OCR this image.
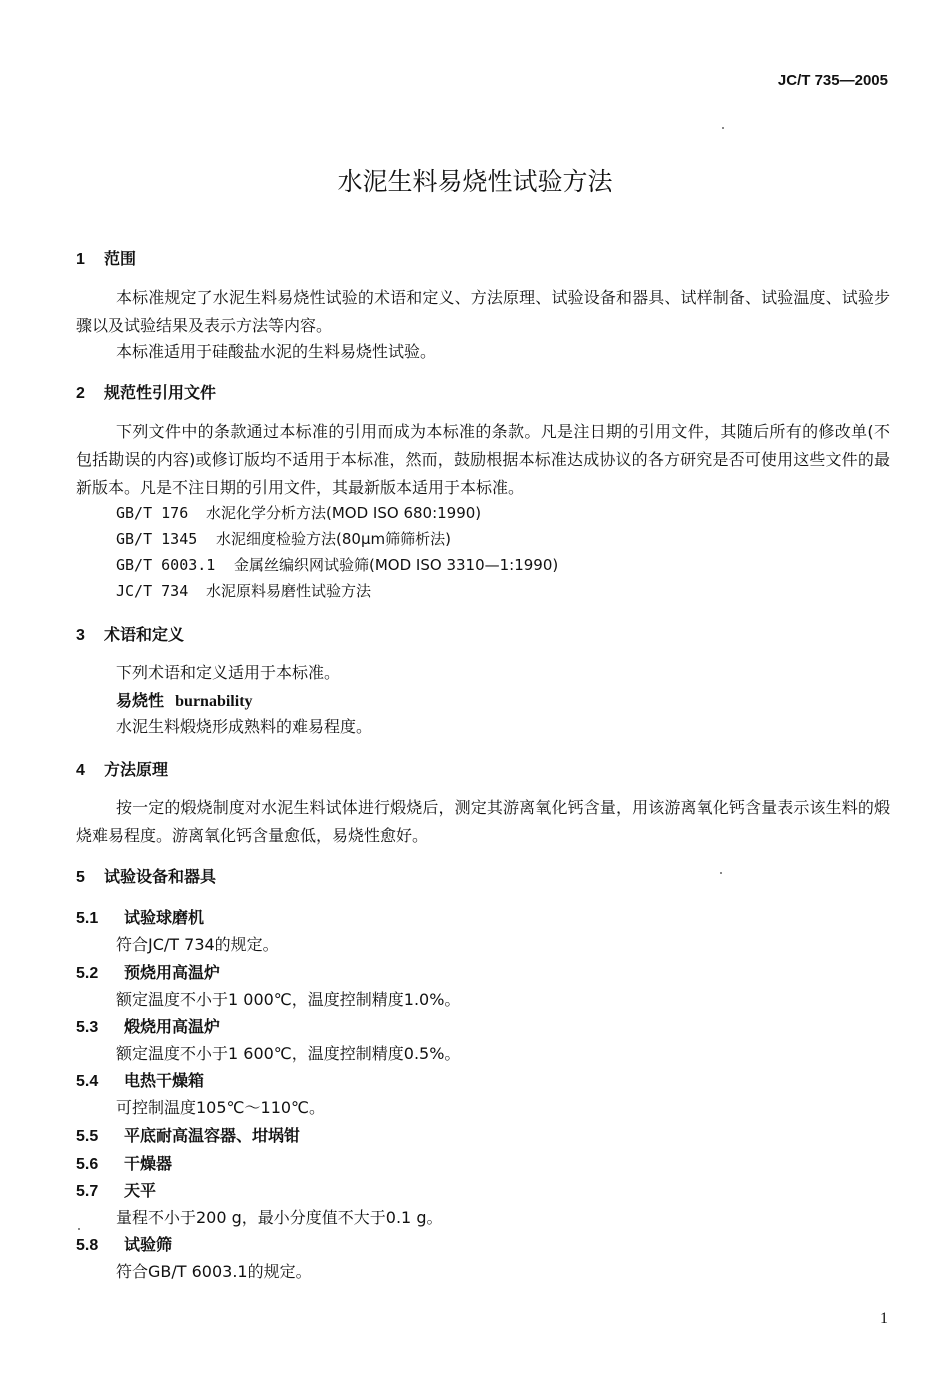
JC/T 735—2005
水泥生料易烧性试验方法
1 范围
本标准规定了水泥生料易烧性试验的术语和定义、方法原理、试验设备和器具、试样制备、试验温度、试验步骤以及试验结果及表示方法等内容。
本标准适用于硅酸盐水泥的生料易烧性试验。
2 规范性引用文件
下列文件中的条款通过本标准的引用而成为本标准的条款。凡是注日期的引用文件，其随后所有的修改单(不包括勘误的内容)或修订版均不适用于本标准，然而，鼓励根据本标准达成协议的各方研究是否可使用这些文件的最新版本。凡是不注日期的引用文件，其最新版本适用于本标准。
GB/T 176 水泥化学分析方法(MOD ISO 680:1990)
GB/T 1345 水泥细度检验方法(80μm筛筛析法)
GB/T 6003.1 金属丝编织网试验筛(MOD ISO 3310—1:1990)
JC/T 734 水泥原料易磨性试验方法
3 术语和定义
下列术语和定义适用于本标准。
易烧性 burnability
水泥生料煅烧形成熟料的难易程度。
4 方法原理
按一定的煅烧制度对水泥生料试体进行煅烧后，测定其游离氧化钙含量，用该游离氧化钙含量表示该生料的煅烧难易程度。游离氧化钙含量愈低，易烧性愈好。
5 试验设备和器具
5.1 试验球磨机
符合JC/T 734的规定。
5.2 预烧用高温炉
额定温度不小于1 000℃，温度控制精度1.0%。
5.3 煅烧用高温炉
额定温度不小于1 600℃，温度控制精度0.5%。
5.4 电热干燥箱
可控制温度105℃～110℃。
5.5 平底耐高温容器、坩埚钳
5.6 干燥器
5.7 天平
量程不小于200 g，最小分度值不大于0.1 g。
5.8 试验筛
符合GB/T 6003.1的规定。
1
